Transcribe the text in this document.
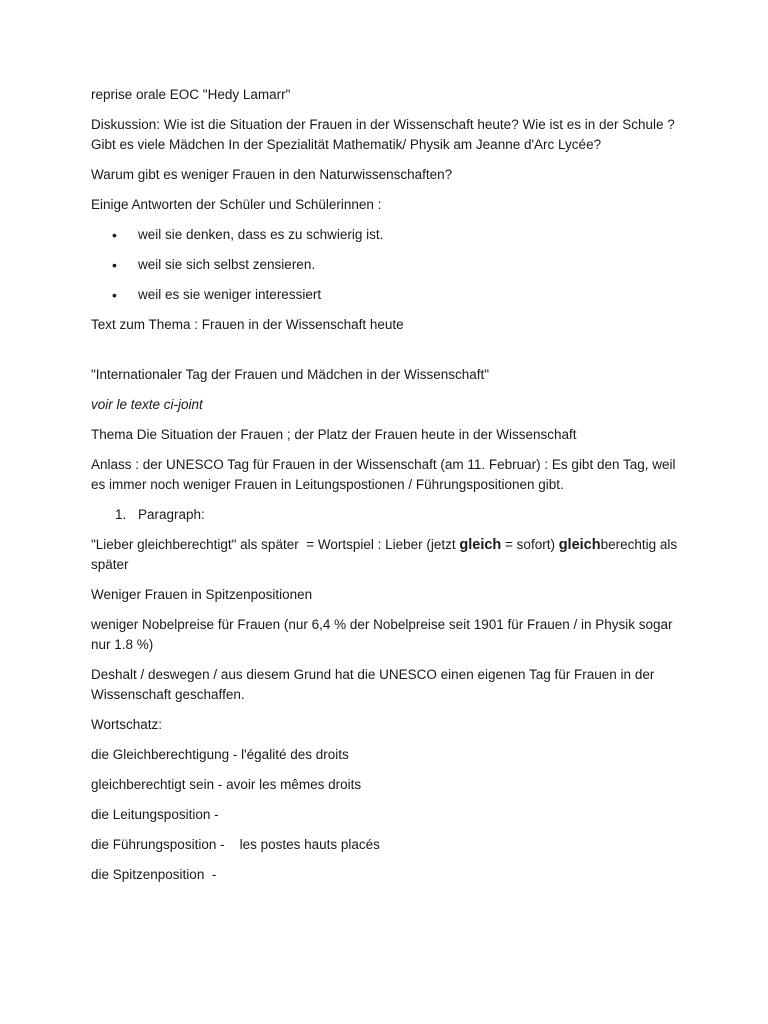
reprise orale EOC "Hedy Lamarr"

Diskussion: Wie ist die Situation der Frauen in der Wissenschaft heute? Wie ist es in der Schule ? Gibt es viele Mädchen In der Spezialität Mathematik/ Physik am Jeanne d'Arc Lycée?

Warum gibt es weniger Frauen in den Naturwissenschaften?

Einige Antworten der Schüler und Schülerinnen :

• weil sie denken, dass es zu schwierig ist.
• weil sie sich selbst zensieren.
• weil es sie weniger interessiert

Text zum Thema : Frauen in der Wissenschaft heute

"Internationaler Tag der Frauen und Mädchen in der Wissenschaft"

voir le texte ci-joint

Thema Die Situation der Frauen ; der Platz der Frauen heute in der Wissenschaft

Anlass : der UNESCO Tag für Frauen in der Wissenschaft (am 11. Februar) : Es gibt den Tag, weil es immer noch weniger Frauen in Leitungspostionen / Führungspositionen gibt.

1. Paragraph:

"Lieber gleichberechtigt" als später  = Wortspiel : Lieber (jetzt gleich = sofort) gleichberechtig als später

Weniger Frauen in Spitzenpositionen

weniger Nobelpreise für Frauen (nur 6,4 % der Nobelpreise seit 1901 für Frauen / in Physik sogar nur 1.8 %)

Deshalt / deswegen / aus diesem Grund hat die UNESCO einen eigenen Tag für Frauen in der Wissenschaft geschaffen.

Wortschatz:

die Gleichberechtigung - l'égalité des droits

gleichberechtigt sein - avoir les mêmes droits

die Leitungsposition -

die Führungsposition -    les postes hauts placés

die Spitzenposition  -
